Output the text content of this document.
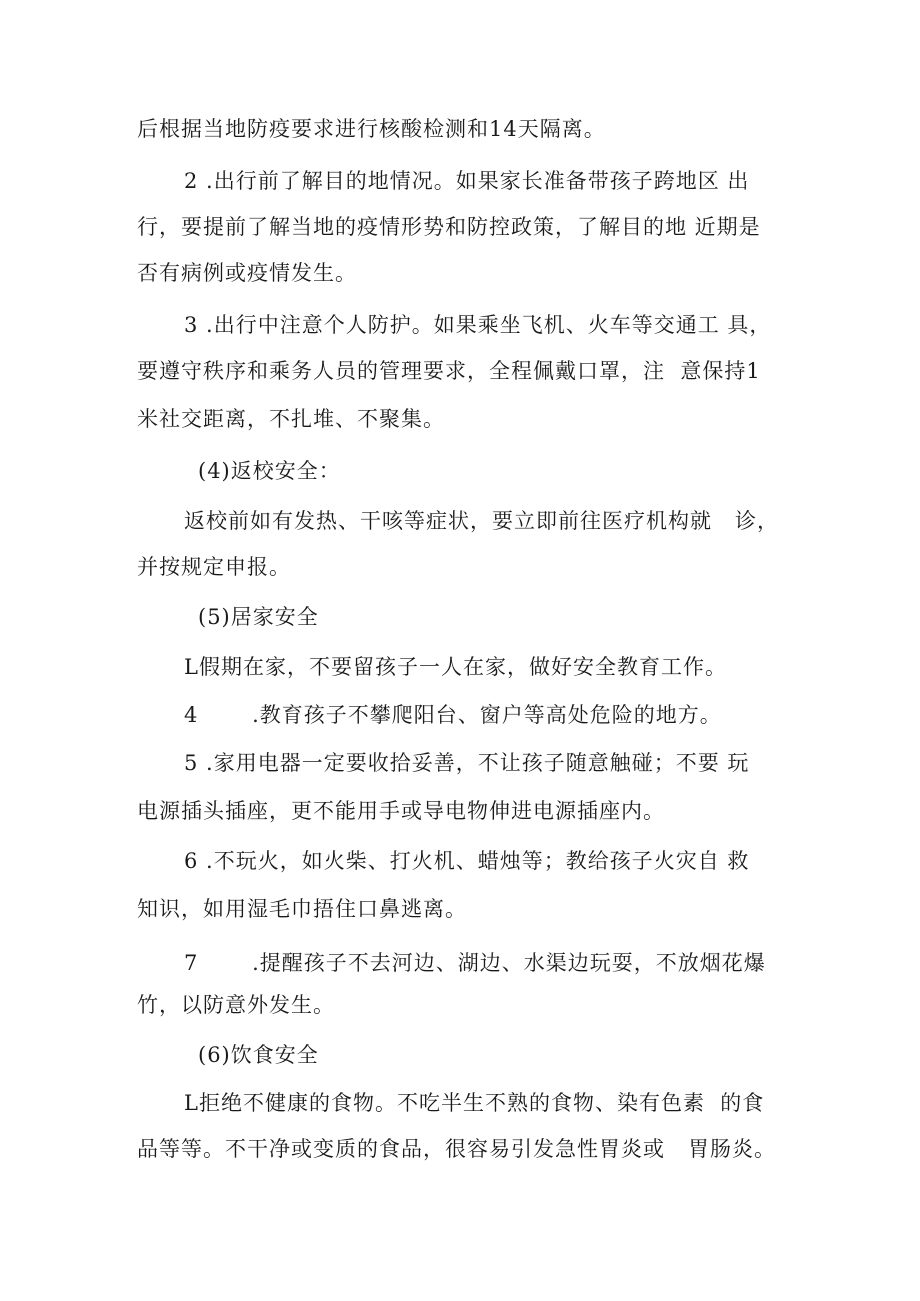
后根据当地防疫要求进行核酸检测和14天隔离。
2 .出行前了解目的地情况。如果家长准备带孩子跨地区 出
行，要提前了解当地的疫情形势和防控政策，了解目的地 近期是
否有病例或疫情发生。
3 .出行中注意个人防护。如果乘坐飞机、火车等交通工 具，
要遵守秩序和乘务人员的管理要求，全程佩戴口罩，注  意保持1
米社交距离，不扎堆、不聚集。
(4)返校安全：
返校前如有发热、干咳等症状，要立即前往医疗机构就   诊，
并按规定申报。
(5)居家安全
L假期在家，不要留孩子一人在家，做好安全教育工作。
4       .教育孩子不攀爬阳台、窗户等高处危险的地方。
5 .家用电器一定要收拾妥善，不让孩子随意触碰；不要 玩
电源插头插座，更不能用手或导电物伸进电源插座内。
6 .不玩火，如火柴、打火机、蜡烛等；教给孩子火灾自 救
知识，如用湿毛巾捂住口鼻逃离。
7       .提醒孩子不去河边、湖边、水渠边玩耍，不放烟花爆
竹，以防意外发生。
(6)饮食安全
L拒绝不健康的食物。不吃半生不熟的食物、染有色素  的食
品等等。不干净或变质的食品，很容易引发急性胃炎或   胃肠炎。
